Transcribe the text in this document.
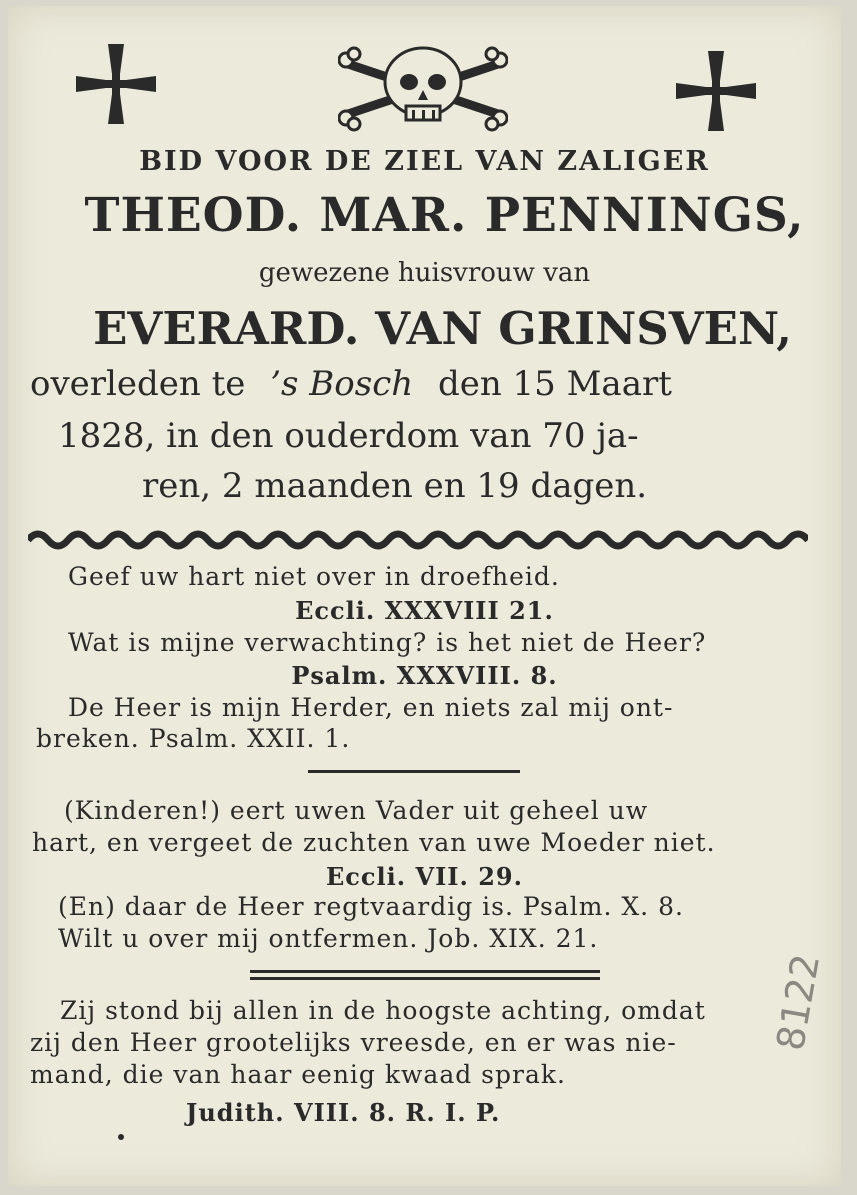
BID VOOR DE ZIEL VAN ZALIGER
THEOD. MAR. PENNINGS,
gewezene huisvrouw van
EVERARD. VAN GRINSVEN,
overleden te ’s Bosch den 15 Maart
1828, in den ouderdom van 70 ja-
ren, 2 maanden en 19 dagen.
Geef uw hart niet over in droefheid.
Eccli. XXXVIII 21.
Wat is mijne verwachting? is het niet de Heer?
Psalm. XXXVIII. 8.
De Heer is mijn Herder, en niets zal mij ont-
breken. Psalm. XXII. 1.
(Kinderen!) eert uwen Vader uit geheel uw
hart, en vergeet de zuchten van uwe Moeder niet.
Eccli. VII. 29.
(En) daar de Heer regtvaardig is. Psalm. X. 8.
Wilt u over mij ontfermen. Job. XIX. 21.
Zij stond bij allen in de hoogste achting, omdat
zij den Heer grootelijks vreesde, en er was nie-
mand, die van haar eenig kwaad sprak.
Judith. VIII. 8. R. I. P.
8122
